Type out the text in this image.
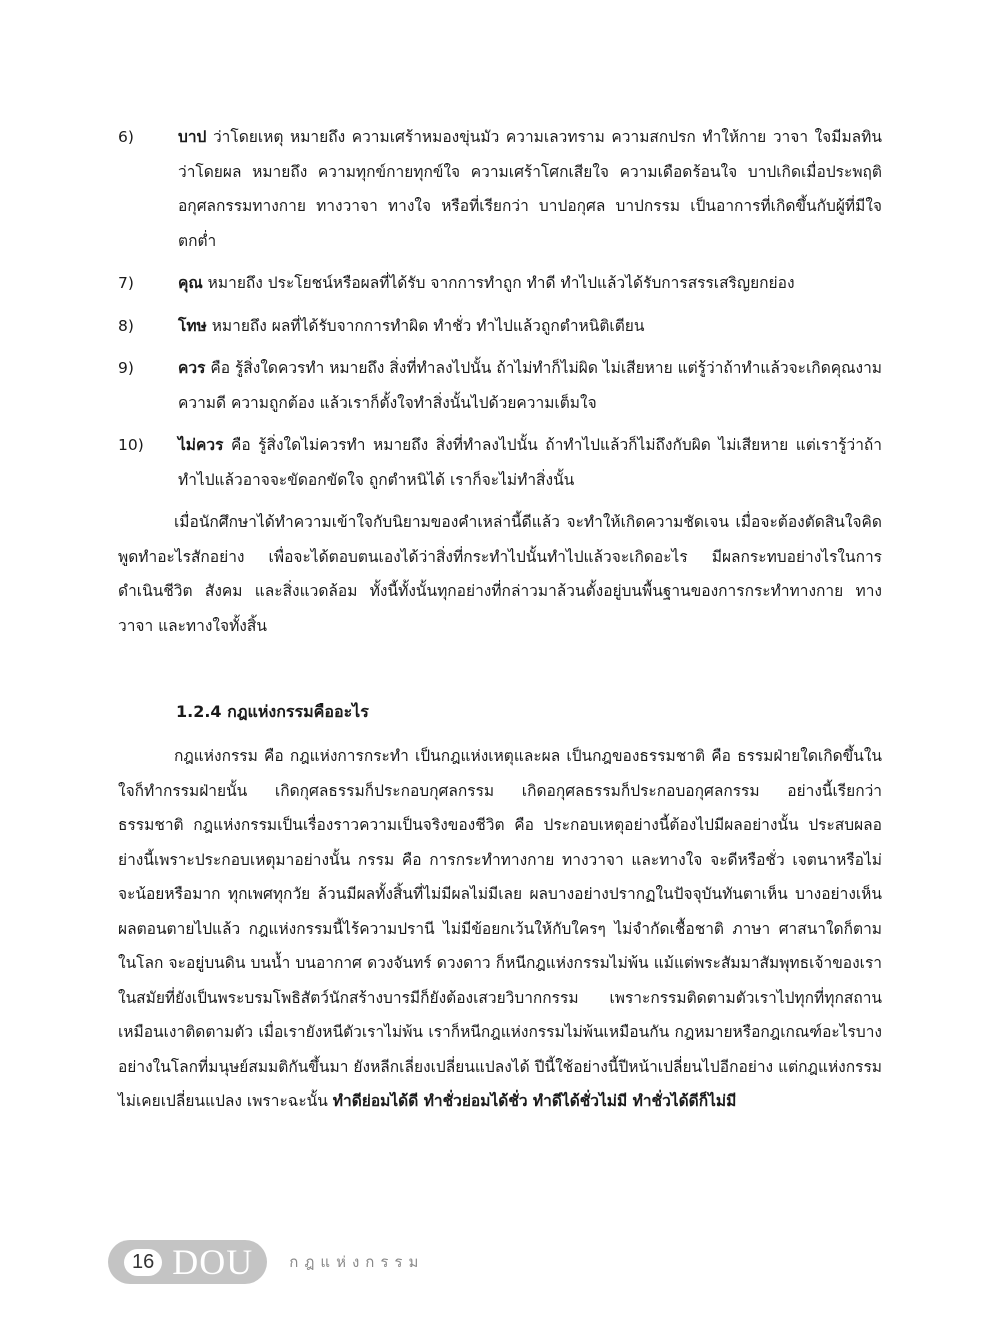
6)	บาป ว่าโดยเหตุ หมายถึง ความเศร้าหมองขุ่นมัว ความเลวทราม ความสกปรก ทำให้กาย วาจา ใจมีมลทิน ว่าโดยผล หมายถึง ความทุกข์กายทุกข์ใจ ความเศร้าโศกเสียใจ ความเดือดร้อนใจ บาปเกิดเมื่อประพฤติอกุศลกรรมทางกาย ทางวาจา ทางใจ หรือที่เรียกว่า บาปอกุศล บาปกรรม เป็นอาการที่เกิดขึ้นกับผู้ที่มีใจตกต่ำ
7)	คุณ หมายถึง ประโยชน์หรือผลที่ได้รับ จากการทำถูก ทำดี ทำไปแล้วได้รับการสรรเสริญยกย่อง
8)	โทษ หมายถึง ผลที่ได้รับจากการทำผิด ทำชั่ว ทำไปแล้วถูกตำหนิติเตียน
9)	ควร คือ รู้สิ่งใดควรทำ หมายถึง สิ่งที่ทำลงไปนั้น ถ้าไม่ทำก็ไม่ผิด ไม่เสียหาย แต่รู้ว่าถ้าทำแล้วจะเกิดคุณงามความดี ความถูกต้อง แล้วเราก็ตั้งใจทำสิ่งนั้นไปด้วยความเต็มใจ
10)	ไม่ควร คือ รู้สิ่งใดไม่ควรทำ หมายถึง สิ่งที่ทำลงไปนั้น ถ้าทำไปแล้วก็ไม่ถึงกับผิด ไม่เสียหาย แต่เรารู้ว่าถ้าทำไปแล้วอาจจะขัดอกขัดใจ ถูกตำหนิได้ เราก็จะไม่ทำสิ่งนั้น

เมื่อนักศึกษาได้ทำความเข้าใจกับนิยามของคำเหล่านี้ดีแล้ว จะทำให้เกิดความชัดเจน เมื่อจะต้องตัดสินใจคิดพูดทำอะไรสักอย่าง เพื่อจะได้ตอบตนเองได้ว่าสิ่งที่กระทำไปนั้นทำไปแล้วจะเกิดอะไร มีผลกระทบอย่างไรในการดำเนินชีวิต สังคม และสิ่งแวดล้อม ทั้งนี้ทั้งนั้นทุกอย่างที่กล่าวมาล้วนตั้งอยู่บนพื้นฐานของการกระทำทางกาย ทางวาจา และทางใจทั้งสิ้น

1.2.4 กฎแห่งกรรมคืออะไร

กฎแห่งกรรม คือ กฎแห่งการกระทำ เป็นกฎแห่งเหตุและผล เป็นกฎของธรรมชาติ คือ ธรรมฝ่ายใดเกิดขึ้นในใจก็ทำกรรมฝ่ายนั้น เกิดกุศลธรรมก็ประกอบกุศลกรรม เกิดอกุศลธรรมก็ประกอบอกุศลกรรม อย่างนี้เรียกว่า ธรรมชาติ กฎแห่งกรรมเป็นเรื่องราวความเป็นจริงของชีวิต คือ ประกอบเหตุอย่างนี้ต้องไปมีผลอย่างนั้น ประสบผลอย่างนี้เพราะประกอบเหตุมาอย่างนั้น กรรม คือ การกระทำทางกาย ทางวาจา และทางใจ จะดีหรือชั่ว เจตนาหรือไม่ จะน้อยหรือมาก ทุกเพศทุกวัย ล้วนมีผลทั้งสิ้นที่ไม่มีผลไม่มีเลย ผลบางอย่างปรากฏในปัจจุบันทันตาเห็น บางอย่างเห็นผลตอนตายไปแล้ว กฎแห่งกรรมนี้ไร้ความปรานี ไม่มีข้อยกเว้นให้กับใครๆ ไม่จำกัดเชื้อชาติ ภาษา ศาสนาใดก็ตามในโลก จะอยู่บนดิน บนน้ำ บนอากาศ ดวงจันทร์ ดวงดาว ก็หนีกฎแห่งกรรมไม่พ้น แม้แต่พระสัมมาสัมพุทธเจ้าของเราในสมัยที่ยังเป็นพระบรมโพธิสัตว์นักสร้างบารมีก็ยังต้องเสวยวิบากกรรม เพราะกรรมติดตามตัวเราไปทุกที่ทุกสถานเหมือนเงาติดตามตัว เมื่อเรายังหนีตัวเราไม่พ้น เราก็หนีกฎแห่งกรรมไม่พ้นเหมือนกัน กฎหมายหรือกฎเกณฑ์อะไรบางอย่างในโลกที่มนุษย์สมมติกันขึ้นมา ยังหลีกเลี่ยงเปลี่ยนแปลงได้ ปีนี้ใช้อย่างนี้ปีหน้าเปลี่ยนไปอีกอย่าง แต่กฎแห่งกรรมไม่เคยเปลี่ยนแปลง เพราะฉะนั้น ทำดีย่อมได้ดี ทำชั่วย่อมได้ชั่ว ทำดีได้ชั่วไม่มี ทำชั่วได้ดีก็ไม่มี

16 DOU กฎแห่งกรรม
